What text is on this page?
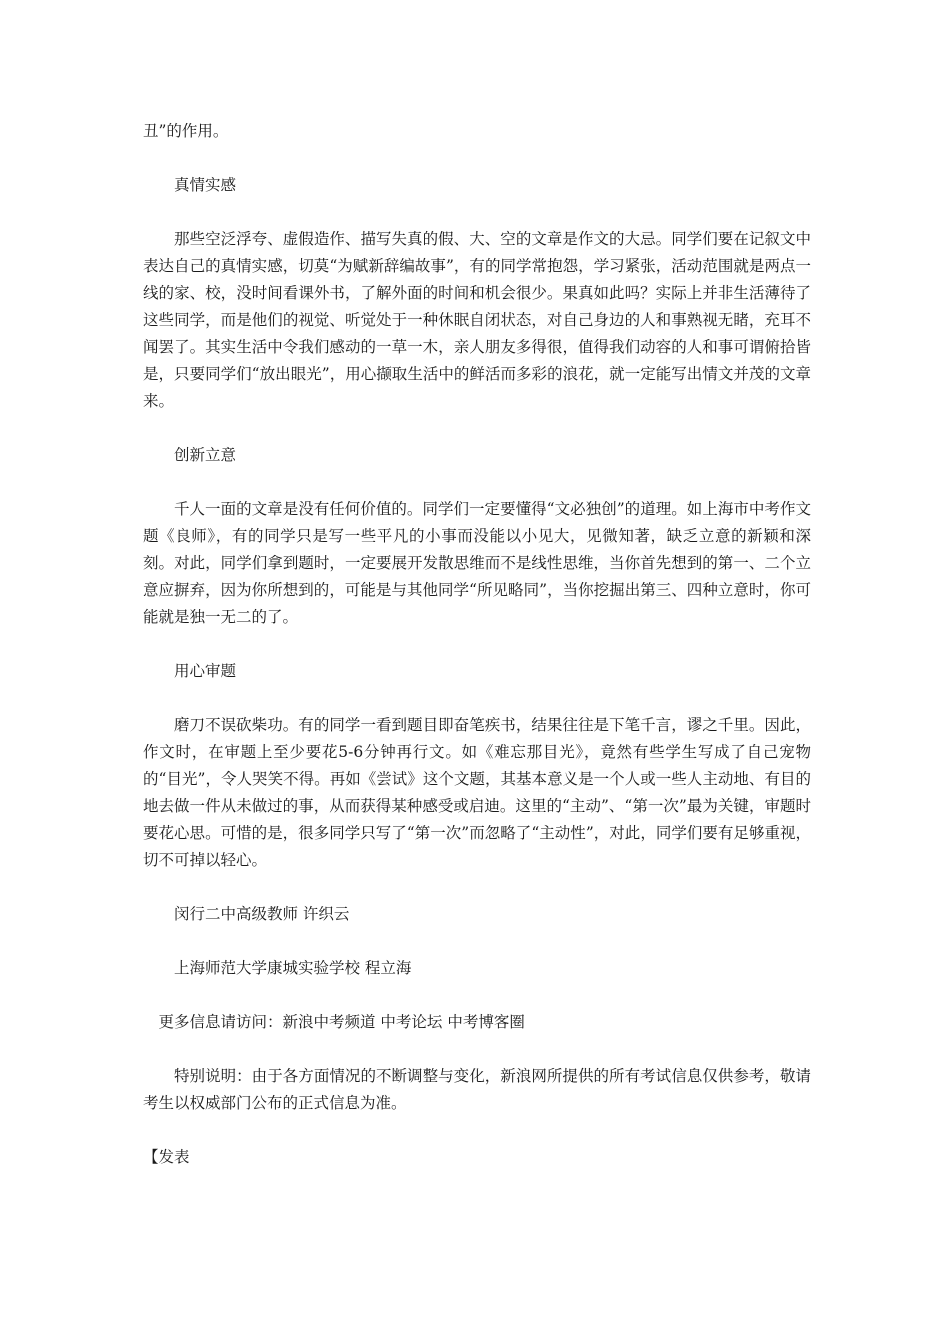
丑”的作用。

真情实感

那些空泛浮夸、虚假造作、描写失真的假、大、空的文章是作文的大忌。同学们要在记叙文中表达自己的真情实感，切莫“为赋新辞编故事”，有的同学常抱怨，学习紧张，活动范围就是两点一线的家、校，没时间看课外书，了解外面的时间和机会很少。果真如此吗？实际上并非生活薄待了这些同学，而是他们的视觉、听觉处于一种休眠自闭状态，对自己身边的人和事熟视无睹，充耳不闻罢了。其实生活中令我们感动的一草一木，亲人朋友多得很，值得我们动容的人和事可谓俯拾皆是，只要同学们“放出眼光”，用心撷取生活中的鲜活而多彩的浪花，就一定能写出情文并茂的文章来。

创新立意

千人一面的文章是没有任何价值的。同学们一定要懂得“文必独创”的道理。如上海市中考作文题《良师》，有的同学只是写一些平凡的小事而没能以小见大，见微知著，缺乏立意的新颖和深刻。对此，同学们拿到题时，一定要展开发散思维而不是线性思维，当你首先想到的第一、二个立意应摒弃，因为你所想到的，可能是与其他同学“所见略同”，当你挖掘出第三、四种立意时，你可能就是独一无二的了。

用心审题

磨刀不误砍柴功。有的同学一看到题目即奋笔疾书，结果往往是下笔千言，谬之千里。因此，作文时，在审题上至少要花5-6分钟再行文。如《难忘那目光》，竟然有些学生写成了自己宠物的“目光”，令人哭笑不得。再如《尝试》这个文题，其基本意义是一个人或一些人主动地、有目的地去做一件从未做过的事，从而获得某种感受或启迪。这里的“主动”、“第一次”最为关键，审题时要花心思。可惜的是，很多同学只写了“第一次”而忽略了“主动性”，对此，同学们要有足够重视，切不可掉以轻心。

闵行二中高级教师 许织云

上海师范大学康城实验学校 程立海

更多信息请访问：新浪中考频道 中考论坛 中考博客圈

特别说明：由于各方面情况的不断调整与变化，新浪网所提供的所有考试信息仅供参考，敬请考生以权威部门公布的正式信息为准。

【发表
